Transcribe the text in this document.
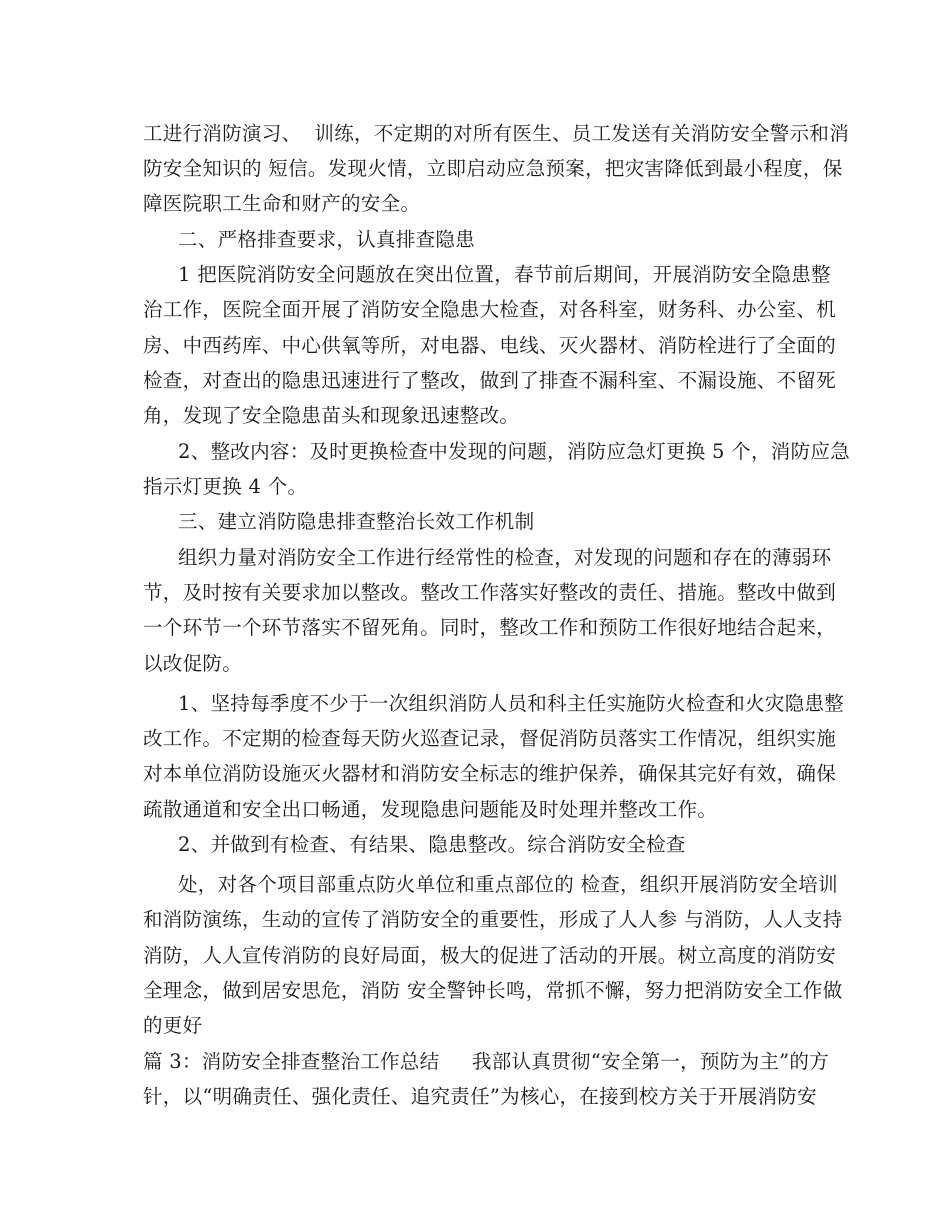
工进行消防演习、  训练，不定期的对所有医生、员工发送有关消防安全警示和消
防安全知识的 短信。发现火情，立即启动应急预案，把灾害降低到最小程度，保
障医院职工生命和财产的安全。
二、严格排查要求，认真排查隐患
1 把医院消防安全问题放在突出位置，春节前后期间，开展消防安全隐患整
治工作，医院全面开展了消防安全隐患大检查，对各科室，财务科、办公室、机
房、中西药库、中心供氧等所，对电器、电线、灭火器材、消防栓进行了全面的
检查，对查出的隐患迅速进行了整改，做到了排查不漏科室、不漏设施、不留死
角，发现了安全隐患苗头和现象迅速整改。
2、整改内容：及时更换检查中发现的问题，消防应急灯更换 5 个，消防应急
指示灯更换 4 个。
三、建立消防隐患排查整治长效工作机制
组织力量对消防安全工作进行经常性的检查，对发现的问题和存在的薄弱环
节，及时按有关要求加以整改。整改工作落实好整改的责任、措施。整改中做到
一个环节一个环节落实不留死角。同时，整改工作和预防工作很好地结合起来，
以改促防。
1、坚持每季度不少于一次组织消防人员和科主任实施防火检查和火灾隐患整
改工作。不定期的检查每天防火巡查记录，督促消防员落实工作情况，组织实施
对本单位消防设施灭火器材和消防安全标志的维护保养，确保其完好有效，确保
疏散通道和安全出口畅通，发现隐患问题能及时处理并整改工作。
2、并做到有检查、有结果、隐患整改。综合消防安全检查
处，对各个项目部重点防火单位和重点部位的 检查，组织开展消防安全培训
和消防演练，生动的宣传了消防安全的重要性，形成了人人参 与消防，人人支持
消防，人人宣传消防的良好局面，极大的促进了活动的开展。树立高度的消防安
全理念，做到居安思危，消防 安全警钟长鸣，常抓不懈，努力把消防安全工作做
的更好
篇 3：消防安全排查整治工作总结     我部认真贯彻“安全第一，预防为主”的方
针，以“明确责任、强化责任、追究责任”为核心，在接到校方关于开展消防安
